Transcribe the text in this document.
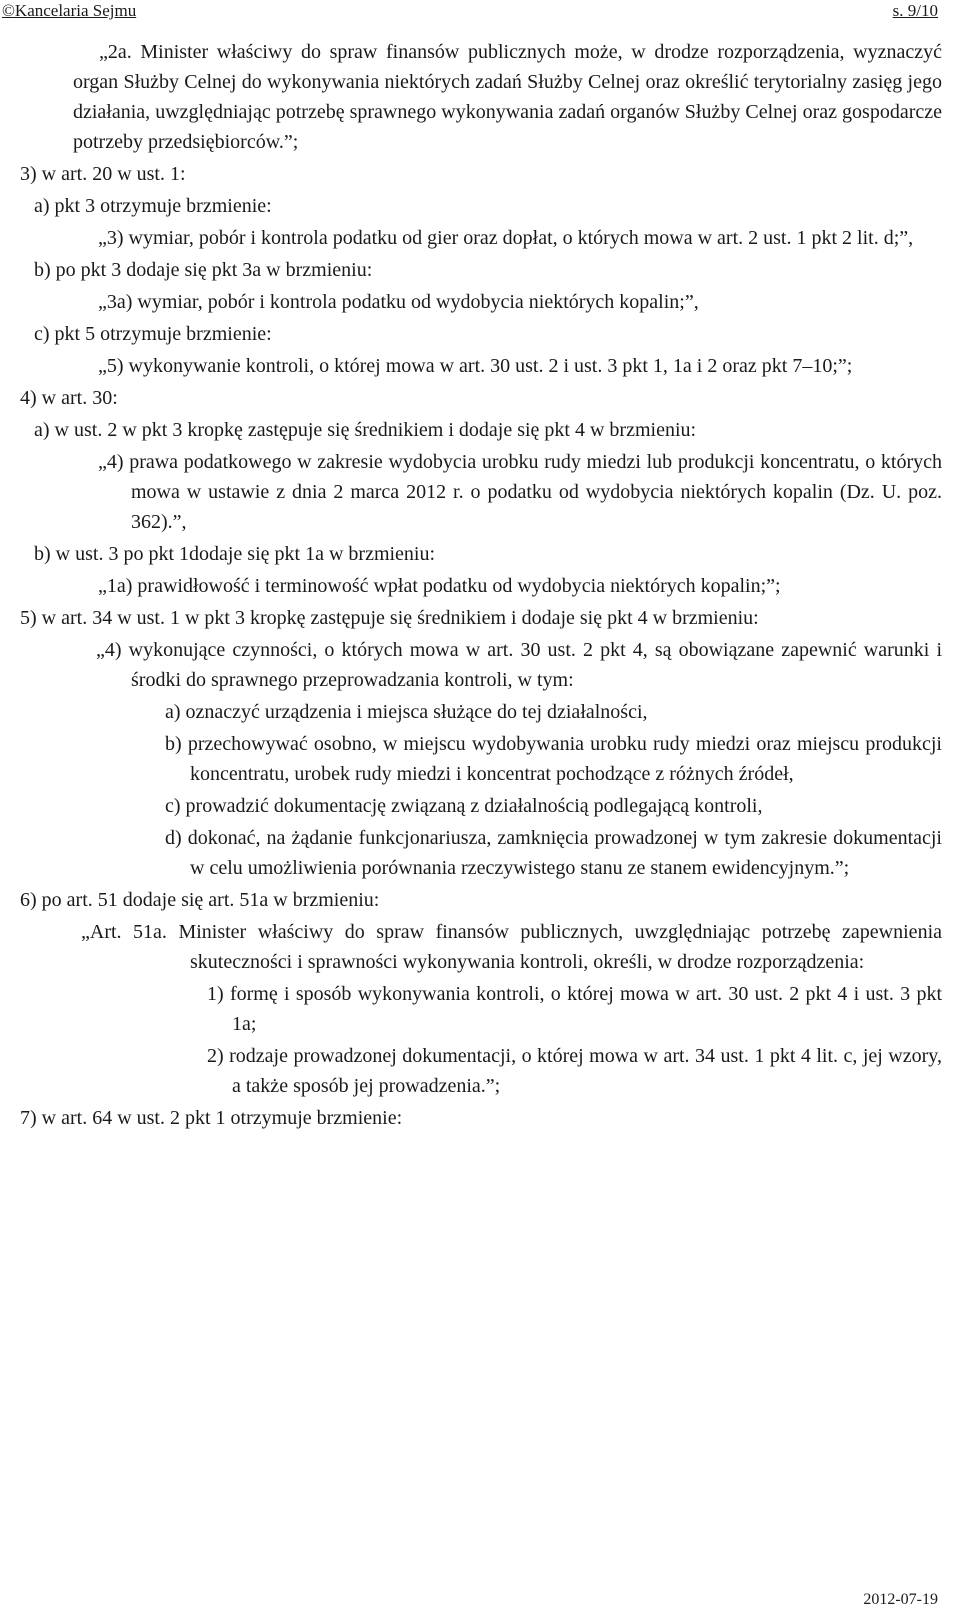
©Kancelaria Sejmu	s. 9/10

„2a. Minister właściwy do spraw finansów publicznych może, w drodze rozporządzenia, wyznaczyć organ Służby Celnej do wykonywania niektórych zadań Służby Celnej oraz określić terytorialny zasięg jego działania, uwzględniając potrzebę sprawnego wykonywania zadań organów Służby Celnej oraz gospodarcze potrzeby przedsiębiorców.”;

3) w art. 20 w ust. 1:

a) pkt 3 otrzymuje brzmienie:

„3) wymiar, pobór i kontrola podatku od gier oraz dopłat, o których mowa w art. 2 ust. 1 pkt 2 lit. d;”,

b) po pkt 3 dodaje się pkt 3a w brzmieniu:

„3a) wymiar, pobór i kontrola podatku od wydobycia niektórych kopalin;”,

c) pkt 5 otrzymuje brzmienie:

„5) wykonywanie kontroli, o której mowa w art. 30 ust. 2 i ust. 3 pkt 1, 1a i 2 oraz pkt 7–10;”;

4) w art. 30:

a) w ust. 2 w pkt 3 kropkę zastępuje się średnikiem i dodaje się pkt 4 w brzmieniu:

„4) prawa podatkowego w zakresie wydobycia urobku rudy miedzi lub produkcji koncentratu, o których mowa w ustawie z dnia 2 marca 2012 r. o podatku od wydobycia niektórych kopalin (Dz. U. poz. 362).”,

b) w ust. 3 po pkt 1dodaje się pkt 1a w brzmieniu:

„1a) prawidłowość i terminowość wpłat podatku od wydobycia niektórych kopalin;”;

5) w art. 34 w ust. 1 w pkt 3 kropkę zastępuje się średnikiem i dodaje się pkt 4 w brzmieniu:

„4) wykonujące czynności, o których mowa w art. 30 ust. 2 pkt 4, są obowiązane zapewnić warunki i środki do sprawnego przeprowadzania kontroli, w tym:

a) oznaczyć urządzenia i miejsca służące do tej działalności,

b) przechowywać osobno, w miejscu wydobywania urobku rudy miedzi oraz miejscu produkcji koncentratu, urobek rudy miedzi i koncentrat pochodzące z różnych źródeł,

c) prowadzić dokumentację związaną z działalnością podlegającą kontroli,

d) dokonać, na żądanie funkcjonariusza, zamknięcia prowadzonej w tym zakresie dokumentacji w celu umożliwienia porównania rzeczywistego stanu ze stanem ewidencyjnym.”;

6) po art. 51 dodaje się art. 51a w brzmieniu:

„Art. 51a. Minister właściwy do spraw finansów publicznych, uwzględniając potrzebę zapewnienia skuteczności i sprawności wykonywania kontroli, określi, w drodze rozporządzenia:

1) formę i sposób wykonywania kontroli, o której mowa w art. 30 ust. 2 pkt 4 i ust. 3 pkt 1a;

2) rodzaje prowadzonej dokumentacji, o której mowa w art. 34 ust. 1 pkt 4 lit. c, jej wzory, a także sposób jej prowadzenia.”;

7) w art. 64 w ust. 2 pkt 1 otrzymuje brzmienie:

2012-07-19
